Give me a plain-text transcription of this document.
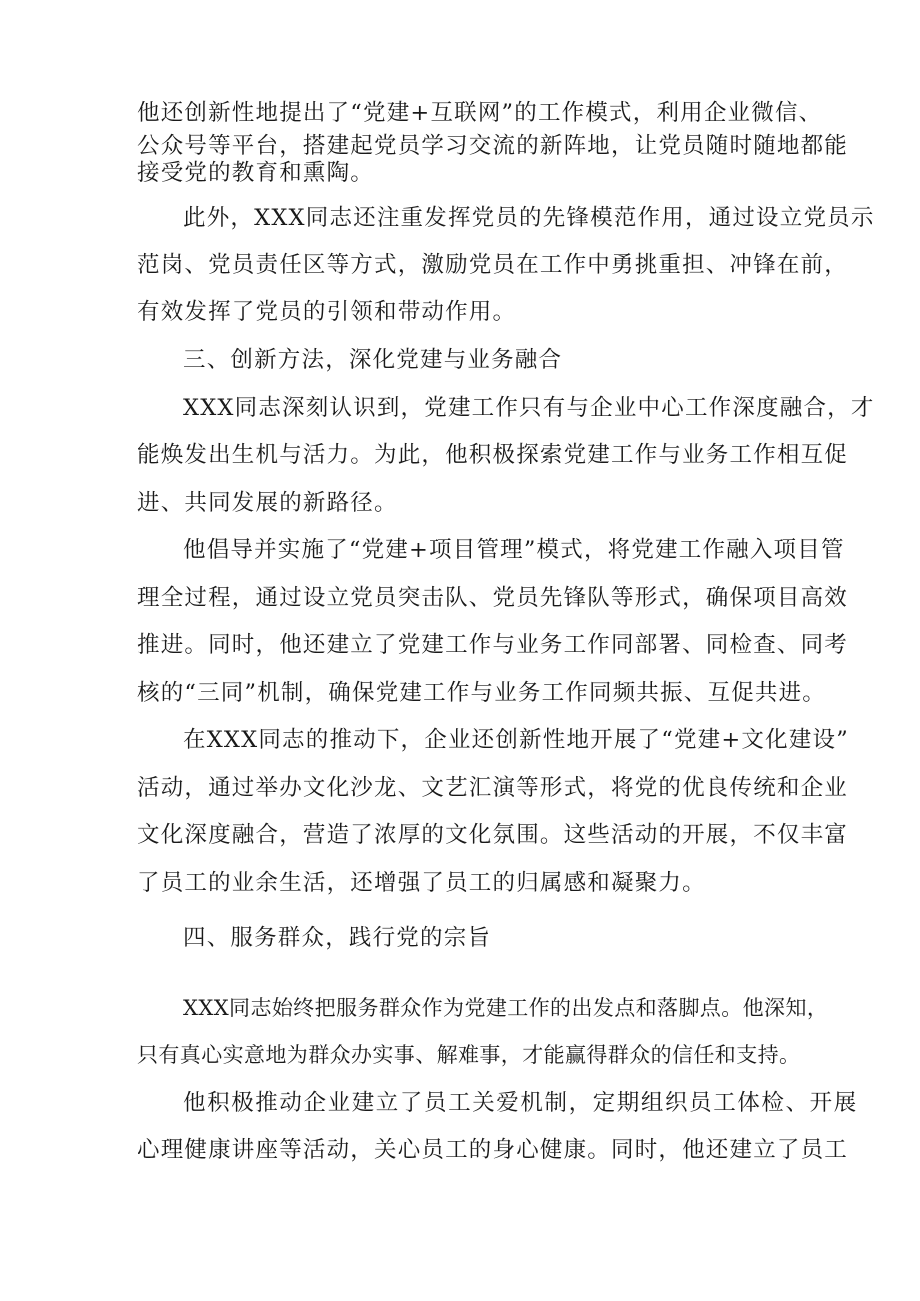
他还创新性地提出了“党建+互联网”的工作模式，利用企业微信、
公众号等平台，搭建起党员学习交流的新阵地，让党员随时随地都能
接受党的教育和熏陶。
此外，XXX同志还注重发挥党员的先锋模范作用，通过设立党员示
范岗、党员责任区等方式，激励党员在工作中勇挑重担、冲锋在前，
有效发挥了党员的引领和带动作用。
三、创新方法，深化党建与业务融合
XXX同志深刻认识到，党建工作只有与企业中心工作深度融合，才
能焕发出生机与活力。为此，他积极探索党建工作与业务工作相互促
进、共同发展的新路径。
他倡导并实施了“党建+项目管理”模式，将党建工作融入项目管
理全过程，通过设立党员突击队、党员先锋队等形式，确保项目高效
推进。同时，他还建立了党建工作与业务工作同部署、同检查、同考
核的“三同”机制，确保党建工作与业务工作同频共振、互促共进。
在XXX同志的推动下，企业还创新性地开展了“党建+文化建设”
活动，通过举办文化沙龙、文艺汇演等形式，将党的优良传统和企业
文化深度融合，营造了浓厚的文化氛围。这些活动的开展，不仅丰富
了员工的业余生活，还增强了员工的归属感和凝聚力。
四、服务群众，践行党的宗旨
XXX同志始终把服务群众作为党建工作的出发点和落脚点。他深知，
只有真心实意地为群众办实事、解难事，才能赢得群众的信任和支持。
他积极推动企业建立了员工关爱机制，定期组织员工体检、开展
心理健康讲座等活动，关心员工的身心健康。同时，他还建立了员工
